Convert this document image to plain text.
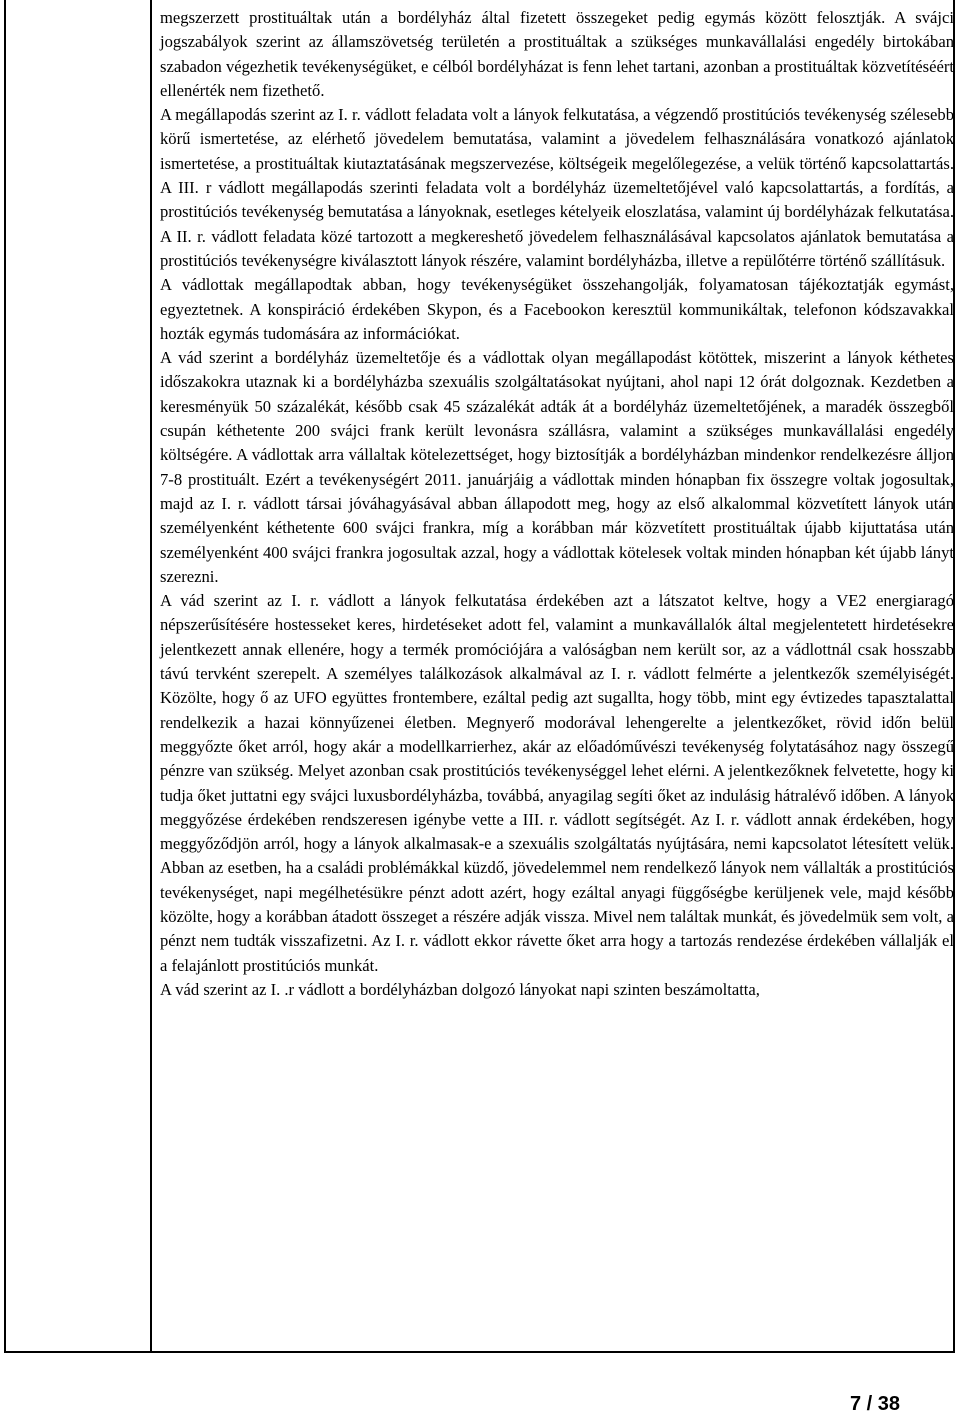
megszerzett prostituáltak után a bordélyház által fizetett összegeket pedig egymás között felosztják. A svájci jogszabályok szerint az államszövetség területén a prostituáltak a szükséges munkavállalási engedély birtokában szabadon végezhetik tevékenységüket, e célból bordélyházat is fenn lehet tartani, azonban a prostituáltak közvetítéséért ellenérték nem fizethető.

A megállapodás szerint az I. r. vádlott feladata volt a lányok felkutatása, a végzendő prostitúciós tevékenység szélesebb körű ismertetése, az elérhető jövedelem bemutatása, valamint a jövedelem felhasználására vonatkozó ajánlatok ismertetése, a prostituáltak kiutaztatásának megszervezése, költségeik megelőlegezése, a velük történő kapcsolattartás. A III. r vádlott megállapodás szerinti feladata volt a bordélyház üzemeltetőjével való kapcsolattartás, a fordítás, a prostitúciós tevékenység bemutatása a lányoknak, esetleges kételyeik eloszlatása, valamint új bordélyházak felkutatása. A II. r. vádlott feladata közé tartozott a megkereshető jövedelem felhasználásával kapcsolatos ajánlatok bemutatása a prostitúciós tevékenységre kiválasztott lányok részére, valamint bordélyházba, illetve a repülőtérre történő szállításuk.

A vádlottak megállapodtak abban, hogy tevékenységüket összehangolják, folyamatosan tájékoztatják egymást, egyeztetnek. A konspiráció érdekében Skypon, és a Facebookon keresztül kommunikáltak, telefonon kódszavakkal hozták egymás tudomására az információkat.

A vád szerint a bordélyház üzemeltetője és a vádlottak olyan megállapodást kötöttek, miszerint a lányok kéthetes időszakokra utaznak ki a bordélyházba szexuális szolgáltatásokat nyújtani, ahol napi 12 órát dolgoznak. Kezdetben a keresményük 50 százalékát, később csak 45 százalékát adták át a bordélyház üzemeltetőjének, a maradék összegből csupán kéthetente 200 svájci frank került levonásra szállásra, valamint a szükséges munkavállalási engedély költségére. A vádlottak arra vállaltak kötelezettséget, hogy biztosítják a bordélyházban mindenkor rendelkezésre álljon 7-8 prostituált. Ezért a tevékenységért 2011. januárjáig a vádlottak minden hónapban fix összegre voltak jogosultak, majd az I. r. vádlott társai jóváhagyásával abban állapodott meg, hogy az első alkalommal közvetített lányok után személyenként kéthetente 600 svájci frankra, míg a korábban már közvetített prostituáltak újabb kijuttatása után személyenként 400 svájci frankra jogosultak azzal, hogy a vádlottak kötelesek voltak minden hónapban két újabb lányt szerezni.

A vád szerint az I. r. vádlott a lányok felkutatása érdekében azt a látszatot keltve, hogy a VE2 energiaragó népszerűsítésére hostesseket keres, hirdetéseket adott fel, valamint a munkavállalók által megjelentetett hirdetésekre jelentkezett annak ellenére, hogy a termék promóciójára a valóságban nem került sor, az a vádlottnál csak hosszabb távú tervként szerepelt. A személyes találkozások alkalmával az I. r. vádlott felmérte a jelentkezők személyiségét. Közölte, hogy ő az UFO együttes frontembere, ezáltal pedig azt sugallta, hogy több, mint egy évtizedes tapasztalattal rendelkezik a hazai könnyűzenei életben. Megnyerő modorával lehengerelte a jelentkezőket, rövid időn belül meggyőzte őket arról, hogy akár a modellkarrierhez, akár az előadóművészi tevékenység folytatásához nagy összegű pénzre van szükség. Melyet azonban csak prostitúciós tevékenységgel lehet elérni. A jelentkezőknek felvetette, hogy ki tudja őket juttatni egy svájci luxusbordélyházba, továbbá, anyagilag segíti őket az indulásig hátralévő időben. A lányok meggyőzése érdekében rendszeresen igénybe vette a III. r. vádlott segítségét. Az I. r. vádlott annak érdekében, hogy meggyőződjön arról, hogy a lányok alkalmasak-e a szexuális szolgáltatás nyújtására, nemi kapcsolatot létesített velük. Abban az esetben, ha a családi problémákkal küzdő, jövedelemmel nem rendelkező lányok nem vállalták a prostitúciós tevékenységet, napi megélhetésükre pénzt adott azért, hogy ezáltal anyagi függőségbe kerüljenek vele, majd később közölte, hogy a korábban átadott összeget a részére adják vissza. Mivel nem találtak munkát, és jövedelmük sem volt, a pénzt nem tudták visszafizetni. Az I. r. vádlott ekkor rávette őket arra hogy a tartozás rendezése érdekében vállalják el a felajánlott prostitúciós munkát.

A vád szerint az I. .r vádlott a bordélyházban dolgozó lányokat napi szinten beszámoltatta,

7 / 38
